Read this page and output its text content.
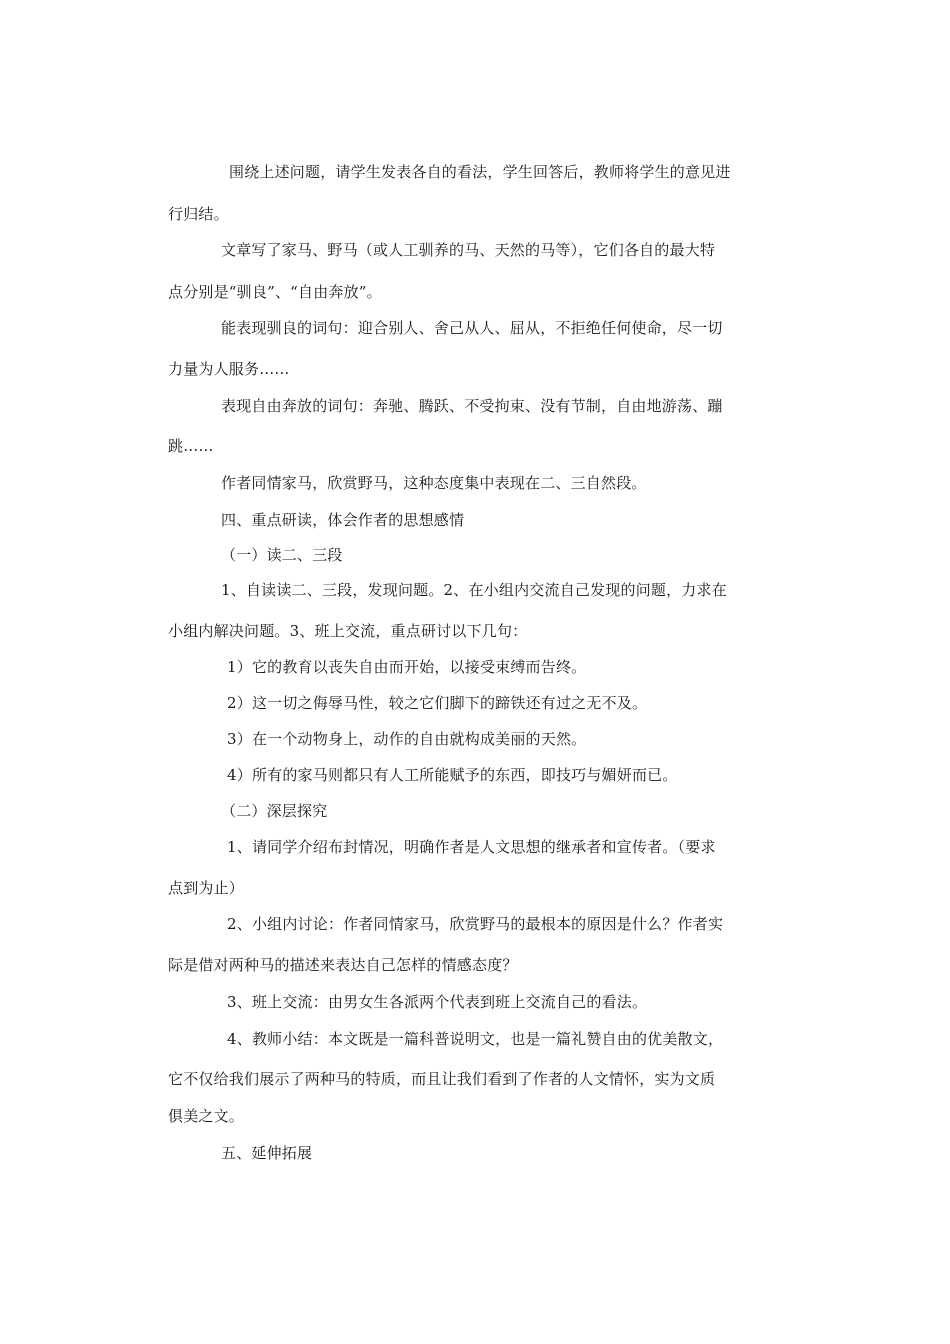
围绕上述问题，请学生发表各自的看法，学生回答后，教师将学生的意见进
行归结。
文章写了家马、野马（或人工驯养的马、天然的马等），它们各自的最大特
点分别是“驯良”、“自由奔放”。
能表现驯良的词句：迎合别人、舍己从人、屈从，不拒绝任何使命，尽一切
力量为人服务……
表现自由奔放的词句：奔驰、腾跃、不受拘束、没有节制，自由地游荡、蹦
跳……
作者同情家马，欣赏野马，这种态度集中表现在二、三自然段。
四、重点研读，体会作者的思想感情
（一）读二、三段
1、自读读二、三段，发现问题。2、在小组内交流自己发现的问题，力求在
小组内解决问题。3、班上交流，重点研讨以下几句：
1）它的教育以丧失自由而开始，以接受束缚而告终。
2）这一切之侮辱马性，较之它们脚下的蹄铁还有过之无不及。
3）在一个动物身上，动作的自由就构成美丽的天然。
4）所有的家马则都只有人工所能赋予的东西，即技巧与媚妍而已。
（二）深层探究
1、请同学介绍布封情况，明确作者是人文思想的继承者和宣传者。（要求
点到为止）
2、小组内讨论：作者同情家马，欣赏野马的最根本的原因是什么？作者实
际是借对两种马的描述来表达自己怎样的情感态度？
3、班上交流：由男女生各派两个代表到班上交流自己的看法。
4、教师小结：本文既是一篇科普说明文，也是一篇礼赞自由的优美散文，
它不仅给我们展示了两种马的特质，而且让我们看到了作者的人文情怀，实为文质
俱美之文。
五、延伸拓展
